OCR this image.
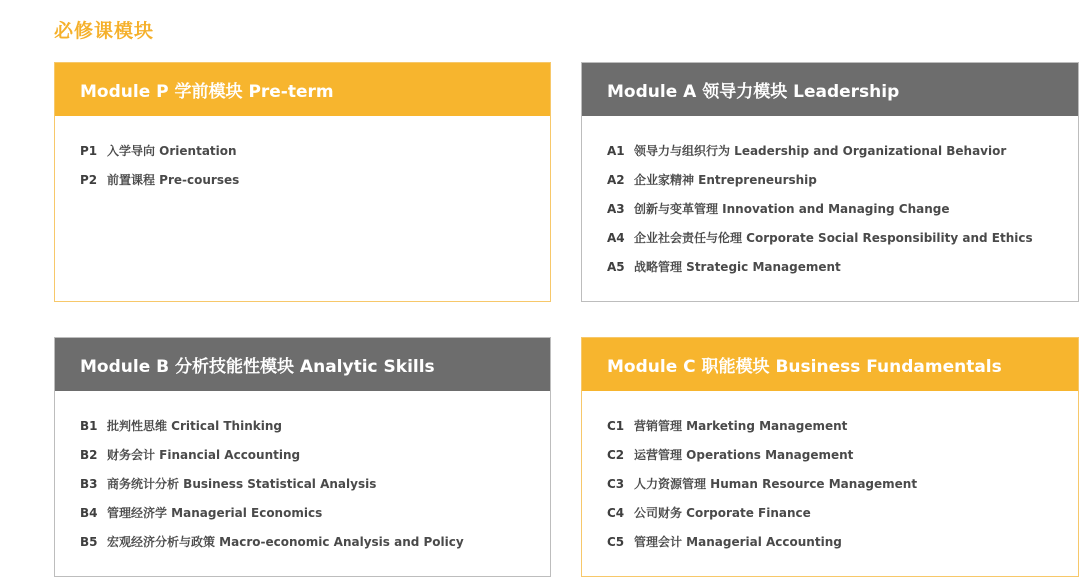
必修课模块
Module P 学前模块 Pre-term
P1 入学导向 Orientation
P2 前置课程 Pre-courses
Module A 领导力模块 Leadership
A1 领导力与组织行为 Leadership and Organizational Behavior
A2 企业家精神 Entrepreneurship
A3 创新与变革管理 Innovation and Managing Change
A4 企业社会责任与伦理 Corporate Social Responsibility and Ethics
A5 战略管理 Strategic Management
Module B 分析技能性模块 Analytic Skills
B1 批判性思维 Critical Thinking
B2 财务会计 Financial Accounting
B3 商务统计分析 Business Statistical Analysis
B4 管理经济学 Managerial Economics
B5 宏观经济分析与政策 Macro-economic Analysis and Policy
Module C 职能模块 Business Fundamentals
C1 营销管理 Marketing Management
C2 运营管理 Operations Management
C3 人力资源管理 Human Resource Management
C4 公司财务 Corporate Finance
C5 管理会计 Managerial Accounting
